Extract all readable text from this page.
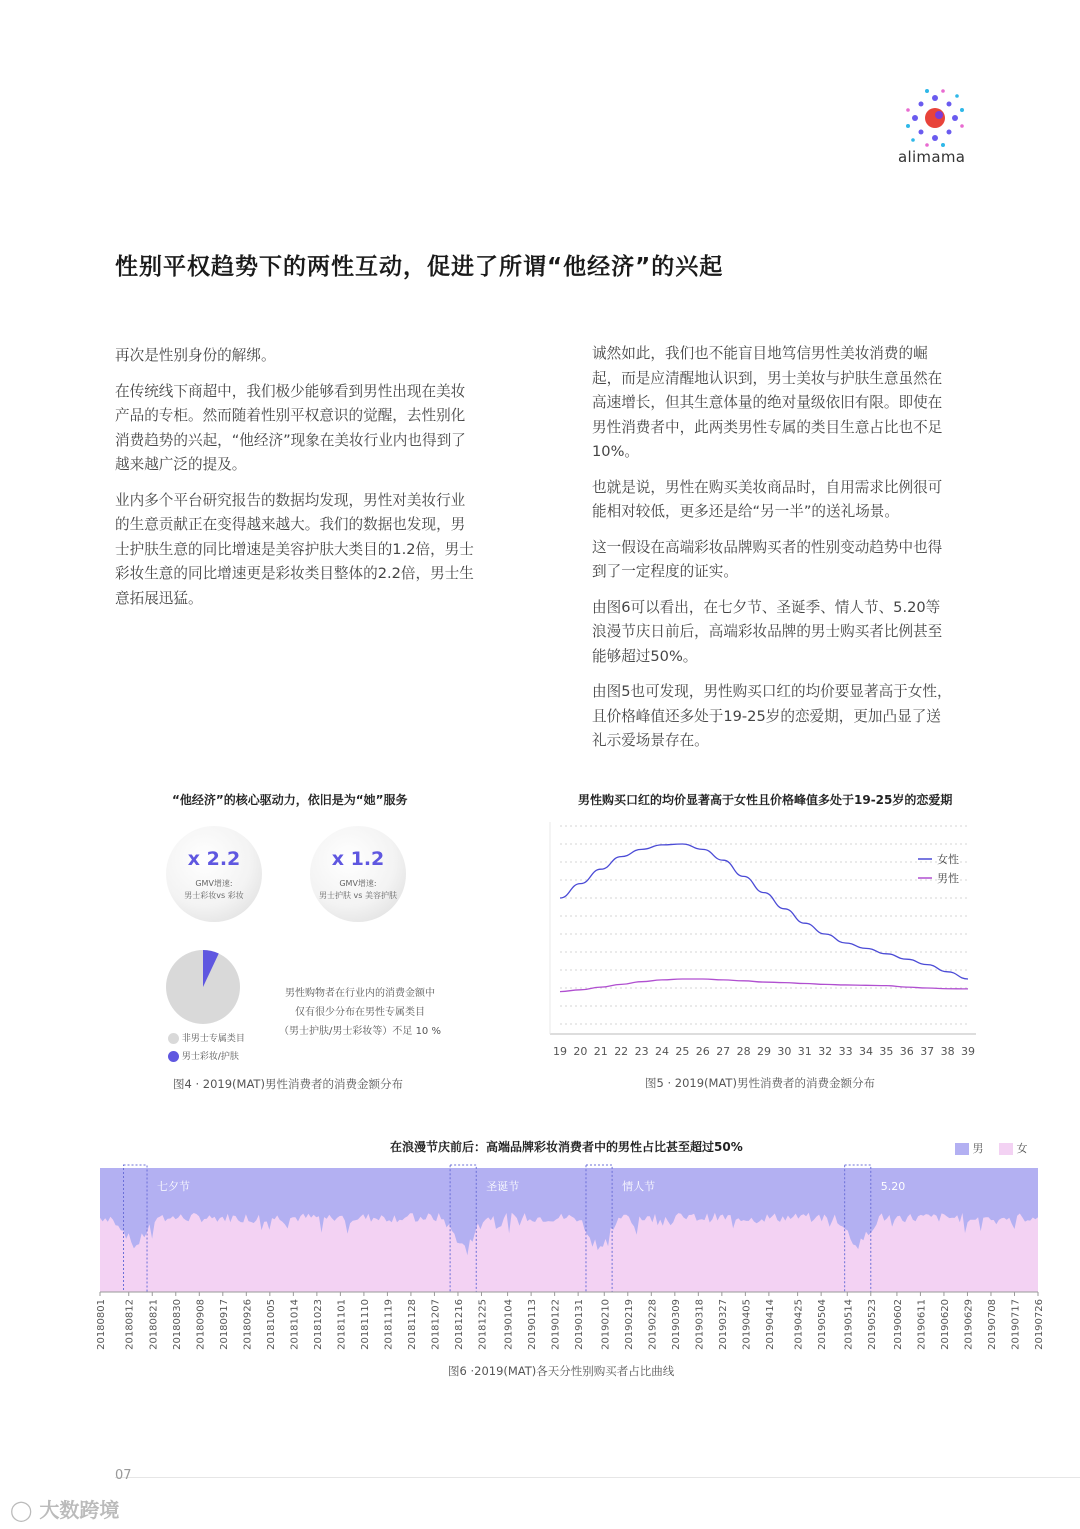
alimama
性别平权趋势下的两性互动，促进了所谓“他经济”的兴起

再次是性别身份的解绑。

在传统线下商超中，我们极少能够看到男性出现在美妆产品的专柜。然而随着性别平权意识的觉醒，去性别化消费趋势的兴起，“他经济”现象在美妆行业内也得到了越来越广泛的提及。

业内多个平台研究报告的数据均发现，男性对美妆行业的生意贡献正在变得越来越大。我们的数据也发现，男士护肤生意的同比增速是美容护肤大类目的1.2倍，男士彩妆生意的同比增速更是彩妆类目整体的2.2倍，男士生意拓展迅猛。

诚然如此，我们也不能盲目地笃信男性美妆消费的崛起，而是应清醒地认识到，男士美妆与护肤生意虽然在高速增长，但其生意体量的绝对量级依旧有限。即使在男性消费者中，此两类男性专属的类目生意占比也不足10%。

也就是说，男性在购买美妆商品时，自用需求比例很可能相对较低，更多还是给“另一半”的送礼场景。

这一假设在高端彩妆品牌购买者的性别变动趋势中也得到了一定程度的证实。

由图6可以看出，在七夕节、圣诞季、情人节、5.20等浪漫节庆日前后，高端彩妆品牌的男士购买者比例甚至能够超过50%。

由图5也可发现，男性购买口红的均价要显著高于女性，且价格峰值还多处于19-25岁的恋爱期，更加凸显了送礼示爱场景存在。

“他经济”的核心驱动力，依旧是为“她”服务
x 2.2
GMV增速:
男士彩妆vs 彩妆
x 1.2
GMV增速:
男士护肤 vs 美容护肤
非男士专属类目
男士彩妆/护肤
男性购物者在行业内的消费金额中
仅有很少分布在男性专属类目
（男士护肤/男士彩妆等）不足 10 %
图4 · 2019(MAT)男性消费者的消费金额分布
男性购买口红的均价显著高于女性且价格峰值多处于19-25岁的恋爱期
19 20 21 22 23 24 25 26 27 28 29 30 31 32 33 34 35 36 37 38 39
女性
男性
图5 · 2019(MAT)男性消费者的消费金额分布
在浪漫节庆前后：高端品牌彩妆消费者中的男性占比甚至超过50%	男	女
七夕节	圣诞节	情人节	5.20
20180801 20180812 20180821 20180830 20180908 20180917 20180926 20181005 20181014 20181023 20181101 20181110 20181119 20181128 20181207 20181216 20181225 20190104 20190113 20190122 20190131 20190210 20190219 20190228 20190309 20190318 20190327 20190405 20190414 20190425 20190504 20190514 20190523 20190602 20190611 20190620 20190629 20190708 20190717 20190726
图6 ·2019(MAT)各天分性别购买者占比曲线
07
◯ 大数跨境
